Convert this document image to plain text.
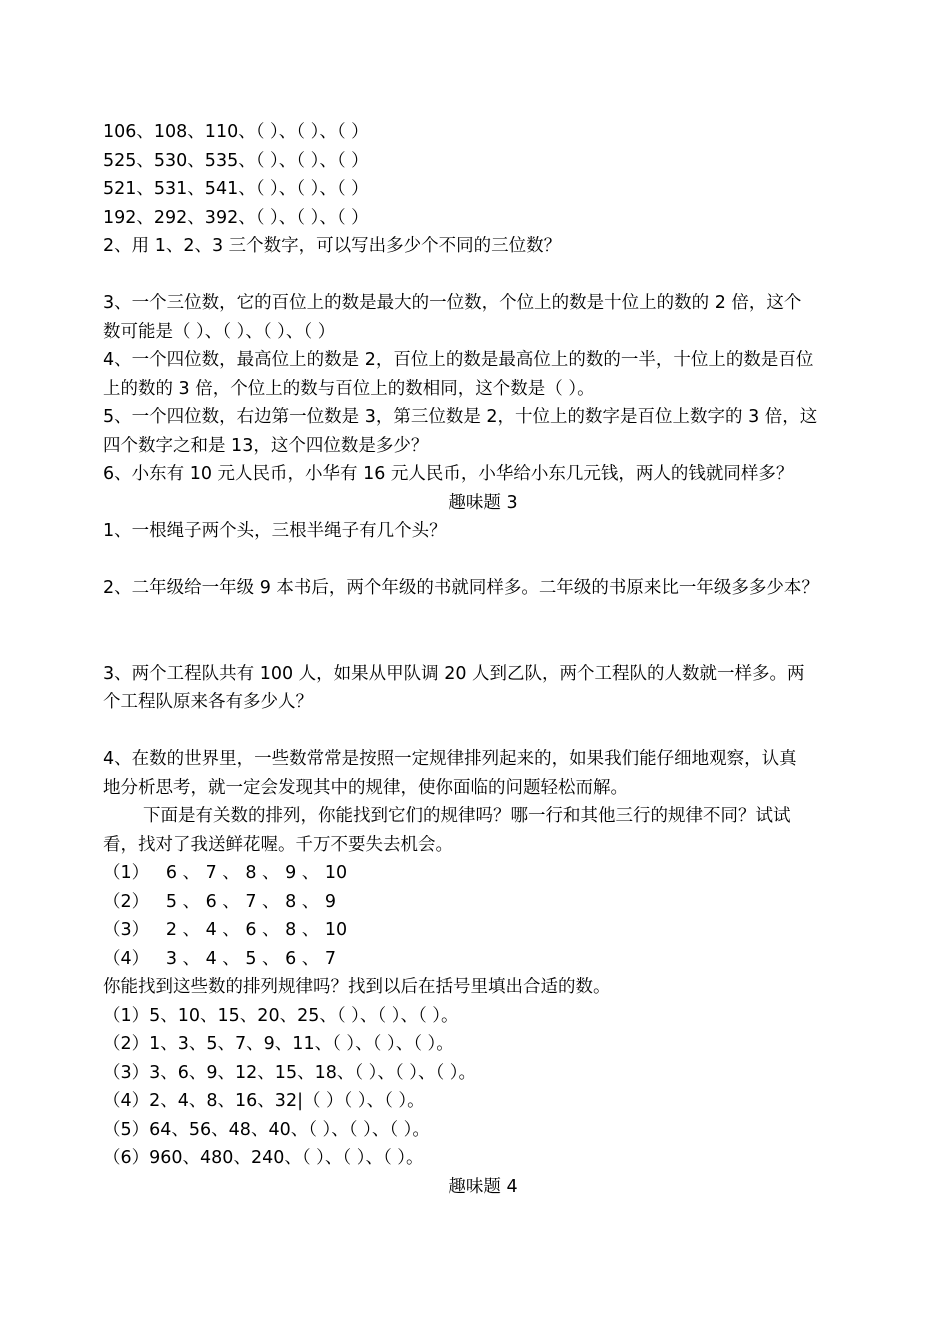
106、108、110、（ ）、（ ）、（ ）
525、530、535、（ ）、（ ）、（ ）
521、531、541、（ ）、（ ）、（ ）
192、292、392、（ ）、（ ）、（ ）
2、用 1、2、3 三个数字，可以写出多少个不同的三位数？
3、一个三位数，它的百位上的数是最大的一位数，个位上的数是十位上的数的 2 倍，这个
数可能是（ ）、（ ）、（ ）、（ ）
4、一个四位数，最高位上的数是 2，百位上的数是最高位上的数的一半，十位上的数是百位
上的数的 3 倍，个位上的数与百位上的数相同，这个数是（ ）。
5、一个四位数，右边第一位数是 3，第三位数是 2，十位上的数字是百位上数字的 3 倍，这
四个数字之和是 13，这个四位数是多少？
6、小东有 10 元人民币，小华有 16 元人民币，小华给小东几元钱，两人的钱就同样多？
趣味题 3
1、一根绳子两个头，三根半绳子有几个头？
2、二年级给一年级 9 本书后，两个年级的书就同样多。二年级的书原来比一年级多多少本？
3、两个工程队共有 100 人，如果从甲队调 20 人到乙队，两个工程队的人数就一样多。两
个工程队原来各有多少人？
4、在数的世界里，一些数常常是按照一定规律排列起来的，如果我们能仔细地观察，认真
地分析思考，就一定会发现其中的规律，使你面临的问题轻松而解。
下面是有关数的排列，你能找到它们的规律吗？哪一行和其他三行的规律不同？试试
看，找对了我送鲜花喔。千万不要失去机会。
（1）   6 、 7 、 8 、 9 、 10
（2）   5 、 6 、 7 、 8 、 9
（3）   2 、 4 、 6 、 8 、 10
（4）   3 、 4 、 5 、 6 、 7
你能找到这些数的排列规律吗？找到以后在括号里填出合适的数。
（1）5、10、15、20、25、（ ）、（ ）、（ ）。
（2）1、3、5、7、9、11、（ ）、（ ）、（ ）。
（3）3、6、9、12、15、18、（ ）、（ ）、（ ）。
（4）2、4、8、16、32|（ ）（ ）、（ ）。
（5）64、56、48、40、（ ）、（ ）、（ ）。
（6）960、480、240、（ ）、（ ）、（ ）。
趣味题 4
